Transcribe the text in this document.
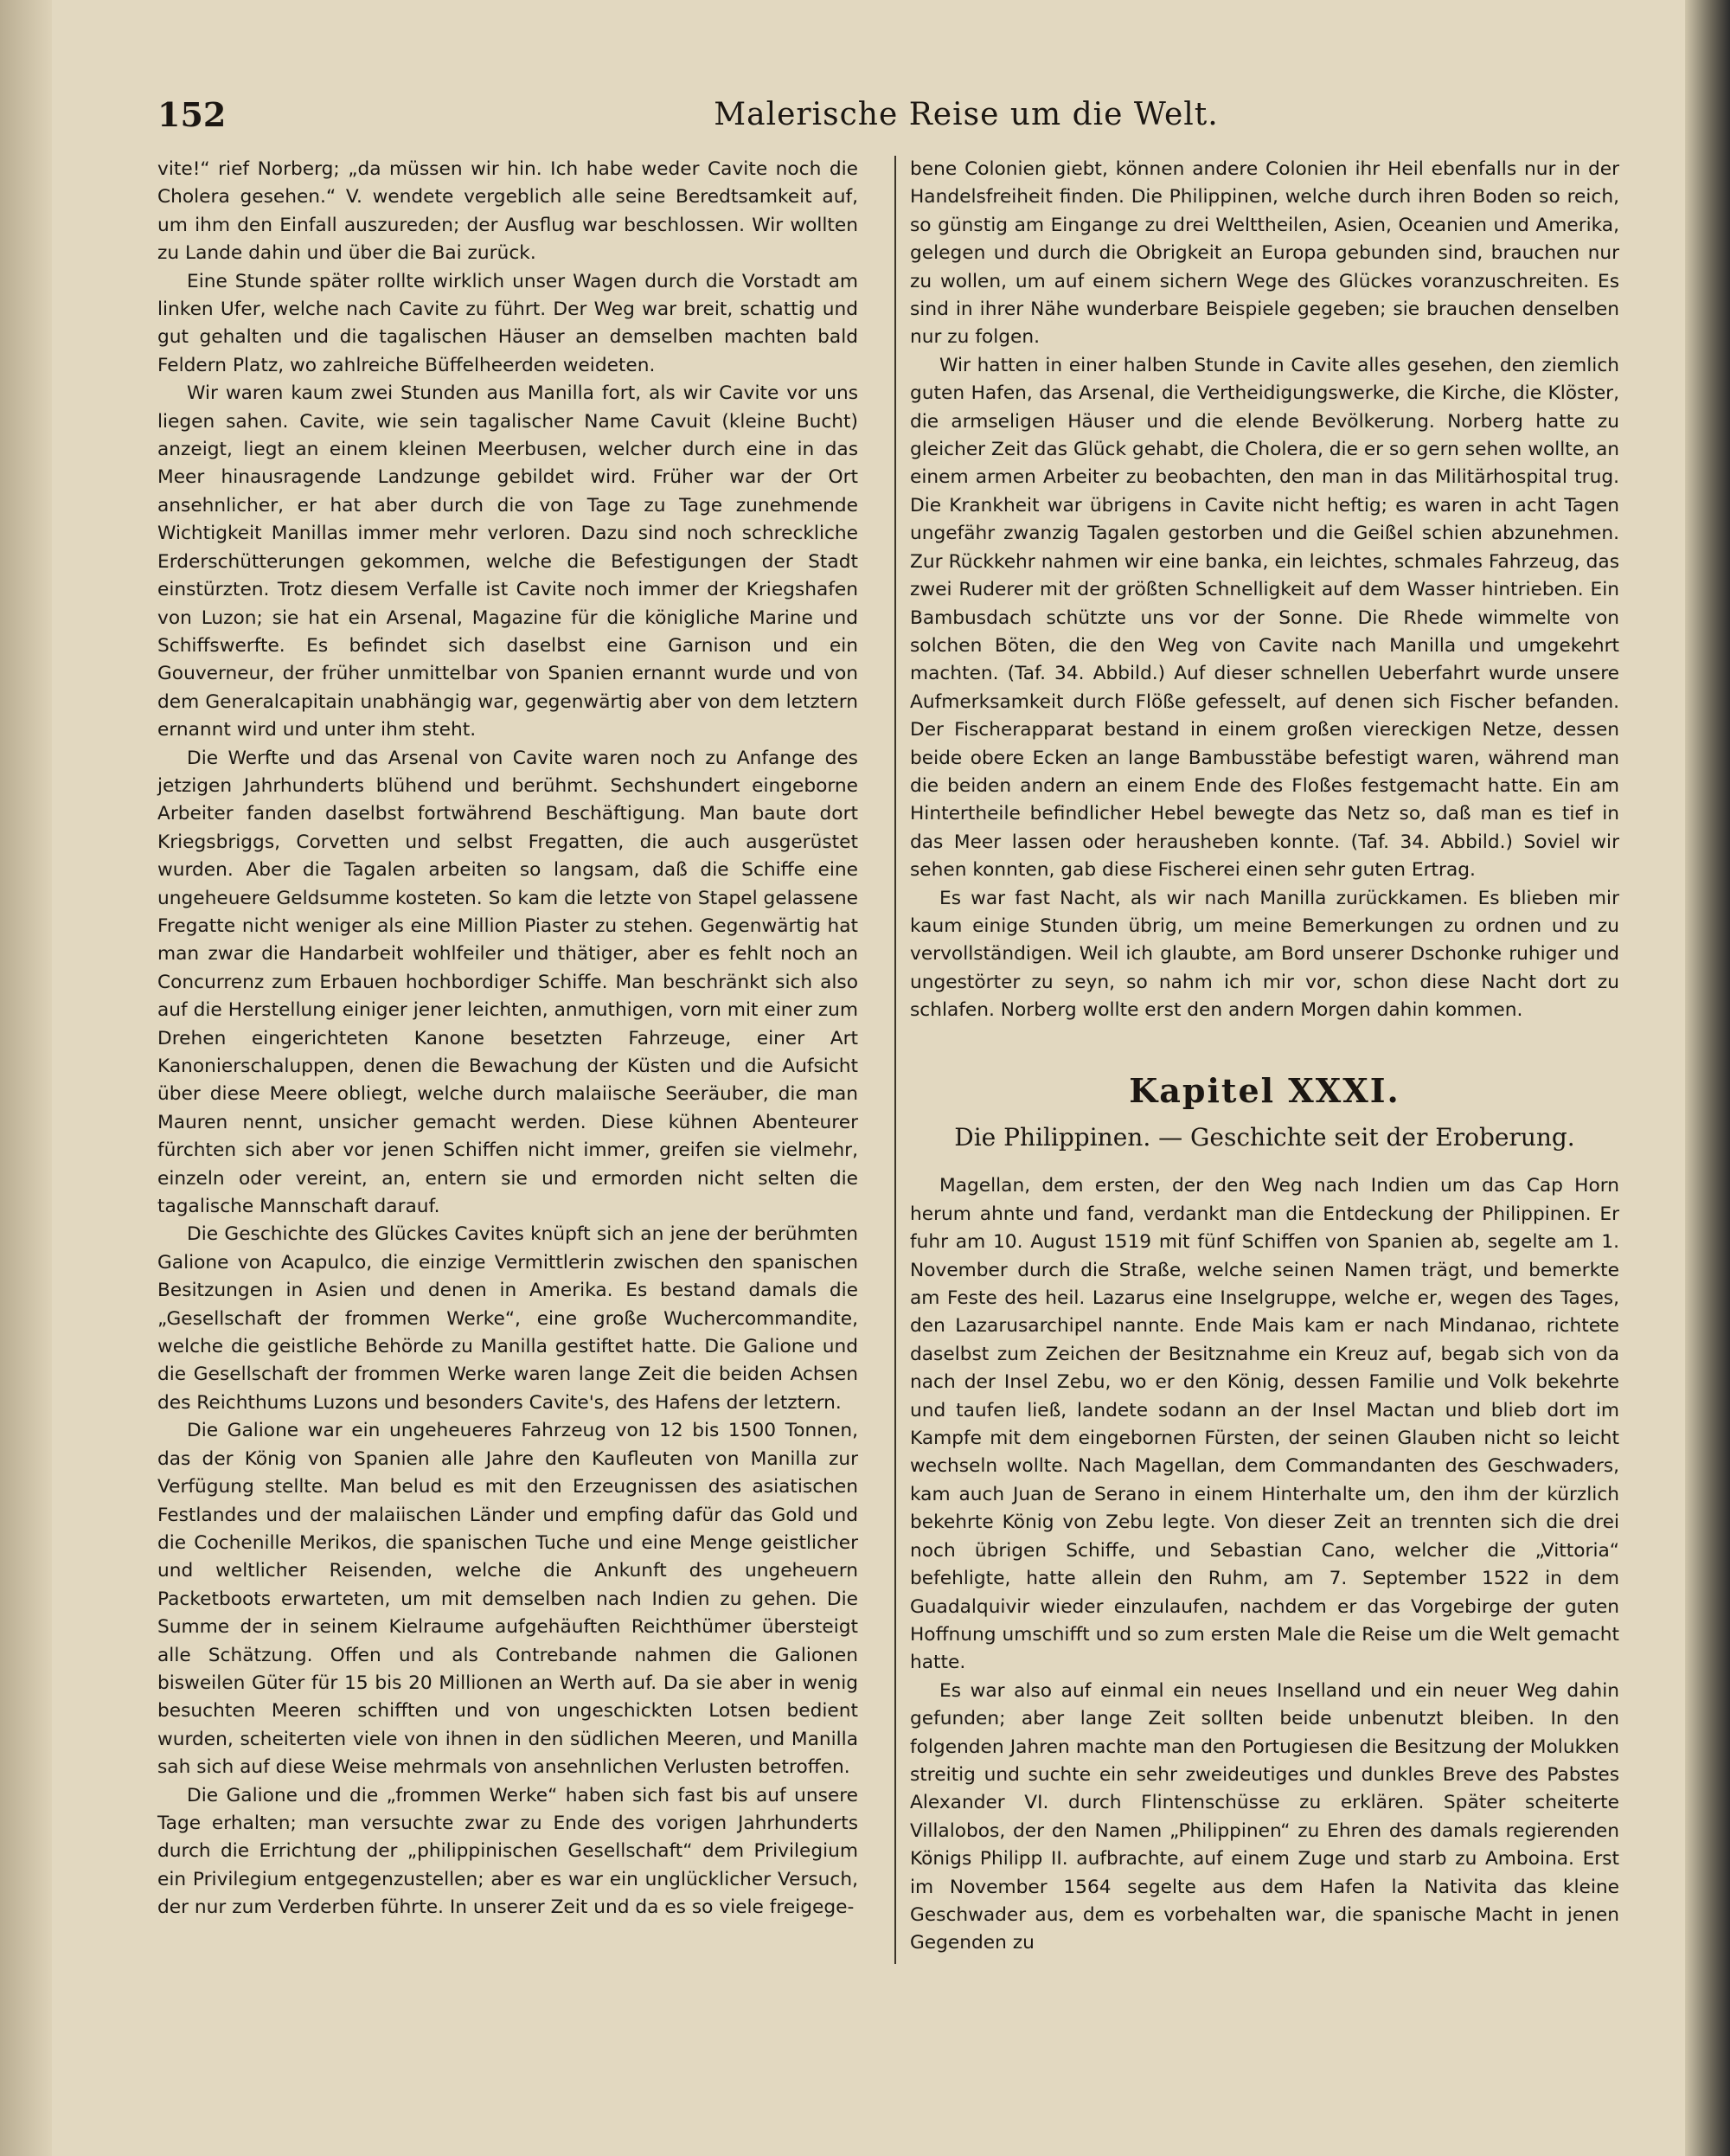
152	Malerische Reise um die Welt.

vite!“ rief Norberg; „da müssen wir hin. Ich habe weder Cavite noch die Cholera gesehen.“ V. wendete vergeblich alle seine Beredtsamkeit auf, um ihm den Einfall auszureden; der Ausflug war beschlossen. Wir wollten zu Lande dahin und über die Bai zurück.

Eine Stunde später rollte wirklich unser Wagen durch die Vorstadt am linken Ufer, welche nach Cavite zu führt. Der Weg war breit, schattig und gut gehalten und die tagalischen Häuser an demselben machten bald Feldern Platz, wo zahlreiche Büffelheerden weideten.

Wir waren kaum zwei Stunden aus Manilla fort, als wir Cavite vor uns liegen sahen. Cavite, wie sein tagalischer Name Cavuit (kleine Bucht) anzeigt, liegt an einem kleinen Meerbusen, welcher durch eine in das Meer hinausragende Landzunge gebildet wird. Früher war der Ort ansehnlicher, er hat aber durch die von Tage zu Tage zunehmende Wichtigkeit Manillas immer mehr verloren. Dazu sind noch schreckliche Erderschütterungen gekommen, welche die Befestigungen der Stadt einstürzten. Trotz diesem Verfalle ist Cavite noch immer der Kriegshafen von Luzon; sie hat ein Arsenal, Magazine für die königliche Marine und Schiffswerfte. Es befindet sich daselbst eine Garnison und ein Gouverneur, der früher unmittelbar von Spanien ernannt wurde und von dem Generalcapitain unabhängig war, gegenwärtig aber von dem letztern ernannt wird und unter ihm steht.

Die Werfte und das Arsenal von Cavite waren noch zu Anfange des jetzigen Jahrhunderts blühend und berühmt. Sechshundert eingeborne Arbeiter fanden daselbst fortwährend Beschäftigung. Man baute dort Kriegsbriggs, Corvetten und selbst Fregatten, die auch ausgerüstet wurden. Aber die Tagalen arbeiten so langsam, daß die Schiffe eine ungeheuere Geldsumme kosteten. So kam die letzte von Stapel gelassene Fregatte nicht weniger als eine Million Piaster zu stehen. Gegenwärtig hat man zwar die Handarbeit wohlfeiler und thätiger, aber es fehlt noch an Concurrenz zum Erbauen hochbordiger Schiffe. Man beschränkt sich also auf die Herstellung einiger jener leichten, anmuthigen, vorn mit einer zum Drehen eingerichteten Kanone besetzten Fahrzeuge, einer Art Kanonierschaluppen, denen die Bewachung der Küsten und die Aufsicht über diese Meere obliegt, welche durch malaiische Seeräuber, die man Mauren nennt, unsicher gemacht werden. Diese kühnen Abenteurer fürchten sich aber vor jenen Schiffen nicht immer, greifen sie vielmehr, einzeln oder vereint, an, entern sie und ermorden nicht selten die tagalische Mannschaft darauf.

Die Geschichte des Glückes Cavites knüpft sich an jene der berühmten Galione von Acapulco, die einzige Vermittlerin zwischen den spanischen Besitzungen in Asien und denen in Amerika. Es bestand damals die „Gesellschaft der frommen Werke“, eine große Wuchercommandite, welche die geistliche Behörde zu Manilla gestiftet hatte. Die Galione und die Gesellschaft der frommen Werke waren lange Zeit die beiden Achsen des Reichthums Luzons und besonders Cavite's, des Hafens der letztern.

Die Galione war ein ungeheueres Fahrzeug von 12 bis 1500 Tonnen, das der König von Spanien alle Jahre den Kaufleuten von Manilla zur Verfügung stellte. Man belud es mit den Erzeugnissen des asiatischen Festlandes und der malaiischen Länder und empfing dafür das Gold und die Cochenille Merikos, die spanischen Tuche und eine Menge geistlicher und weltlicher Reisenden, welche die Ankunft des ungeheuern Packetboots erwarteten, um mit demselben nach Indien zu gehen. Die Summe der in seinem Kielraume aufgehäuften Reichthümer übersteigt alle Schätzung. Offen und als Contrebande nahmen die Galionen bisweilen Güter für 15 bis 20 Millionen an Werth auf. Da sie aber in wenig besuchten Meeren schifften und von ungeschickten Lotsen bedient wurden, scheiterten viele von ihnen in den südlichen Meeren, und Manilla sah sich auf diese Weise mehrmals von ansehnlichen Verlusten betroffen.

Die Galione und die „frommen Werke“ haben sich fast bis auf unsere Tage erhalten; man versuchte zwar zu Ende des vorigen Jahrhunderts durch die Errichtung der „philippinischen Gesellschaft“ dem Privilegium ein Privilegium entgegenzustellen; aber es war ein unglücklicher Versuch, der nur zum Verderben führte. In unserer Zeit und da es so viele freigege-

bene Colonien giebt, können andere Colonien ihr Heil ebenfalls nur in der Handelsfreiheit finden. Die Philippinen, welche durch ihren Boden so reich, so günstig am Eingange zu drei Welttheilen, Asien, Oceanien und Amerika, gelegen und durch die Obrigkeit an Europa gebunden sind, brauchen nur zu wollen, um auf einem sichern Wege des Glückes voranzuschreiten. Es sind in ihrer Nähe wunderbare Beispiele gegeben; sie brauchen denselben nur zu folgen.

Wir hatten in einer halben Stunde in Cavite alles gesehen, den ziemlich guten Hafen, das Arsenal, die Vertheidigungswerke, die Kirche, die Klöster, die armseligen Häuser und die elende Bevölkerung. Norberg hatte zu gleicher Zeit das Glück gehabt, die Cholera, die er so gern sehen wollte, an einem armen Arbeiter zu beobachten, den man in das Militärhospital trug. Die Krankheit war übrigens in Cavite nicht heftig; es waren in acht Tagen ungefähr zwanzig Tagalen gestorben und die Geißel schien abzunehmen. Zur Rückkehr nahmen wir eine banka, ein leichtes, schmales Fahrzeug, das zwei Ruderer mit der größten Schnelligkeit auf dem Wasser hintrieben. Ein Bambusdach schützte uns vor der Sonne. Die Rhede wimmelte von solchen Böten, die den Weg von Cavite nach Manilla und umgekehrt machten. (Taf. 34. Abbild.) Auf dieser schnellen Ueberfahrt wurde unsere Aufmerksamkeit durch Flöße gefesselt, auf denen sich Fischer befanden. Der Fischerapparat bestand in einem großen viereckigen Netze, dessen beide obere Ecken an lange Bambusstäbe befestigt waren, während man die beiden andern an einem Ende des Floßes festgemacht hatte. Ein am Hintertheile befindlicher Hebel bewegte das Netz so, daß man es tief in das Meer lassen oder herausheben konnte. (Taf. 34. Abbild.) Soviel wir sehen konnten, gab diese Fischerei einen sehr guten Ertrag.

Es war fast Nacht, als wir nach Manilla zurückkamen. Es blieben mir kaum einige Stunden übrig, um meine Bemerkungen zu ordnen und zu vervollständigen. Weil ich glaubte, am Bord unserer Dschonke ruhiger und ungestörter zu seyn, so nahm ich mir vor, schon diese Nacht dort zu schlafen. Norberg wollte erst den andern Morgen dahin kommen.

Kapitel XXXI.
Die Philippinen. — Geschichte seit der Eroberung.

Magellan, dem ersten, der den Weg nach Indien um das Cap Horn herum ahnte und fand, verdankt man die Entdeckung der Philippinen. Er fuhr am 10. August 1519 mit fünf Schiffen von Spanien ab, segelte am 1. November durch die Straße, welche seinen Namen trägt, und bemerkte am Feste des heil. Lazarus eine Inselgruppe, welche er, wegen des Tages, den Lazarusarchipel nannte. Ende Mais kam er nach Mindanao, richtete daselbst zum Zeichen der Besitznahme ein Kreuz auf, begab sich von da nach der Insel Zebu, wo er den König, dessen Familie und Volk bekehrte und taufen ließ, landete sodann an der Insel Mactan und blieb dort im Kampfe mit dem eingebornen Fürsten, der seinen Glauben nicht so leicht wechseln wollte. Nach Magellan, dem Commandanten des Geschwaders, kam auch Juan de Serano in einem Hinterhalte um, den ihm der kürzlich bekehrte König von Zebu legte. Von dieser Zeit an trennten sich die drei noch übrigen Schiffe, und Sebastian Cano, welcher die „Vittoria“ befehligte, hatte allein den Ruhm, am 7. September 1522 in dem Guadalquivir wieder einzulaufen, nachdem er das Vorgebirge der guten Hoffnung umschifft und so zum ersten Male die Reise um die Welt gemacht hatte.

Es war also auf einmal ein neues Inselland und ein neuer Weg dahin gefunden; aber lange Zeit sollten beide unbenutzt bleiben. In den folgenden Jahren machte man den Portugiesen die Besitzung der Molukken streitig und suchte ein sehr zweideutiges und dunkles Breve des Pabstes Alexander VI. durch Flintenschüsse zu erklären. Später scheiterte Villalobos, der den Namen „Philippinen“ zu Ehren des damals regierenden Königs Philipp II. aufbrachte, auf einem Zuge und starb zu Amboina. Erst im November 1564 segelte aus dem Hafen la Nativita das kleine Geschwader aus, dem es vorbehalten war, die spanische Macht in jenen Gegenden zu
